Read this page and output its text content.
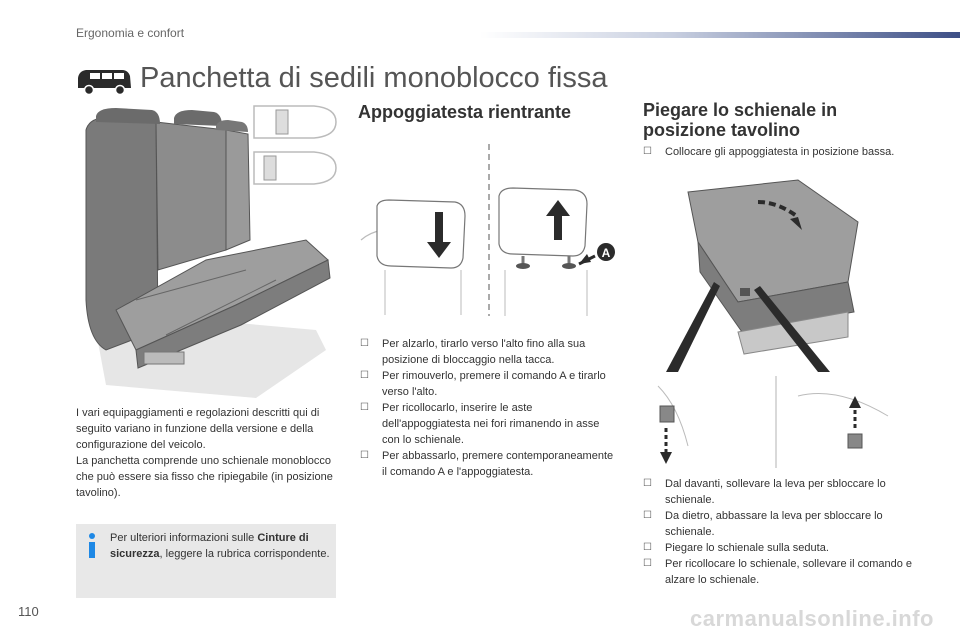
Ergonomia e confort
Panchetta di sedili monoblocco fissa

I vari equipaggiamenti e regolazioni descritti qui di seguito variano in funzione della versione e della configurazione del veicolo.

La panchetta comprende uno schienale monoblocco che può essere sia fisso che ripiegabile (in posizione tavolino).

Per ulteriori informazioni sulle Cinture di sicurezza, leggere la rubrica corrispondente.
Appoggiatesta rientrante
A
☐ Per alzarlo, tirarlo verso l'alto fino alla sua posizione di bloccaggio nella tacca.
☐ Per rimouverlo, premere il comando A e tirarlo verso l'alto.
☐ Per ricollocarlo, inserire le aste dell'appoggiatesta nei fori rimanendo in asse con lo schienale.
☐ Per abbassarlo, premere contemporaneamente il comando A e l'appoggiatesta.
Piegare lo schienale in
posizione tavolino
☐ Collocare gli appoggiatesta in posizione bassa.
☐ Dal davanti, sollevare la leva per sbloccare lo schienale.
☐ Da dietro, abbassare la leva per sbloccare lo schienale.
☐ Piegare lo schienale sulla seduta.
☐ Per ricollocare lo schienale, sollevare il comando e alzare lo schienale.
110	carmanualsonline.info
